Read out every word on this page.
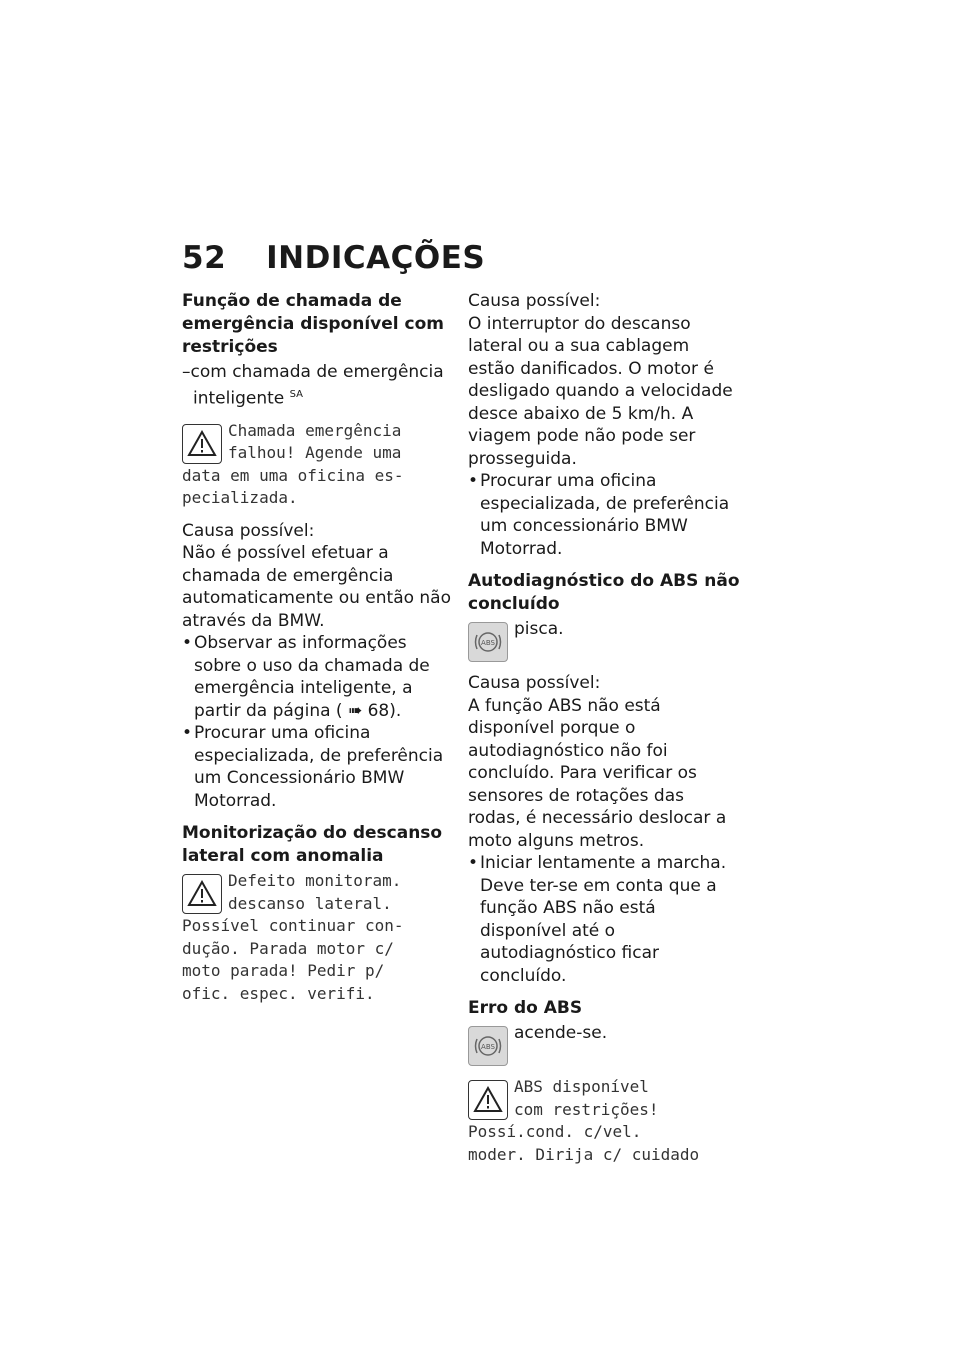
52 INDICAÇÕES
Função de chamada de emergência disponível com restrições
–com chamada de emergência inteligente $^{SA}$
Chamada emergência
falhou! Agende uma
data em uma oficina es-
pecializada.
Causa possível:
Não é possível efetuar a chamada de emergência automaticamente ou então não através da BMW.
• Observar as informações sobre o uso da chamada de emergência inteligente, a partir da página ( ➠ 68).
• Procurar uma oficina especializada, de preferência um Concessionário BMW Motorrad.
Monitorização do descanso lateral com anomalia
Defeito monitoram.
descanso lateral.
Possível continuar con-
dução. Parada motor c/
moto parada! Pedir p/
ofic. espec. verifi.
Causa possível:
O interruptor do descanso lateral ou a sua cablagem estão danificados. O motor é desligado quando a velocidade desce abaixo de 5 km/h. A viagem pode não pode ser prosseguida.
• Procurar uma oficina especializada, de preferência um concessionário BMW Motorrad.
Autodiagnóstico do ABS não concluído
ABS
pisca.
Causa possível:
A função ABS não está disponível porque o autodiagnóstico não foi concluído. Para verificar os sensores de rotações das rodas, é necessário deslocar a moto alguns metros.
• Iniciar lentamente a marcha. Deve ter-se em conta que a função ABS não está disponível até o autodiagnóstico ficar concluído.
Erro do ABS
ABS
acende-se.
ABS disponível
com restrições!
Possí.cond. c/vel.
moder. Dirija c/ cuidado
